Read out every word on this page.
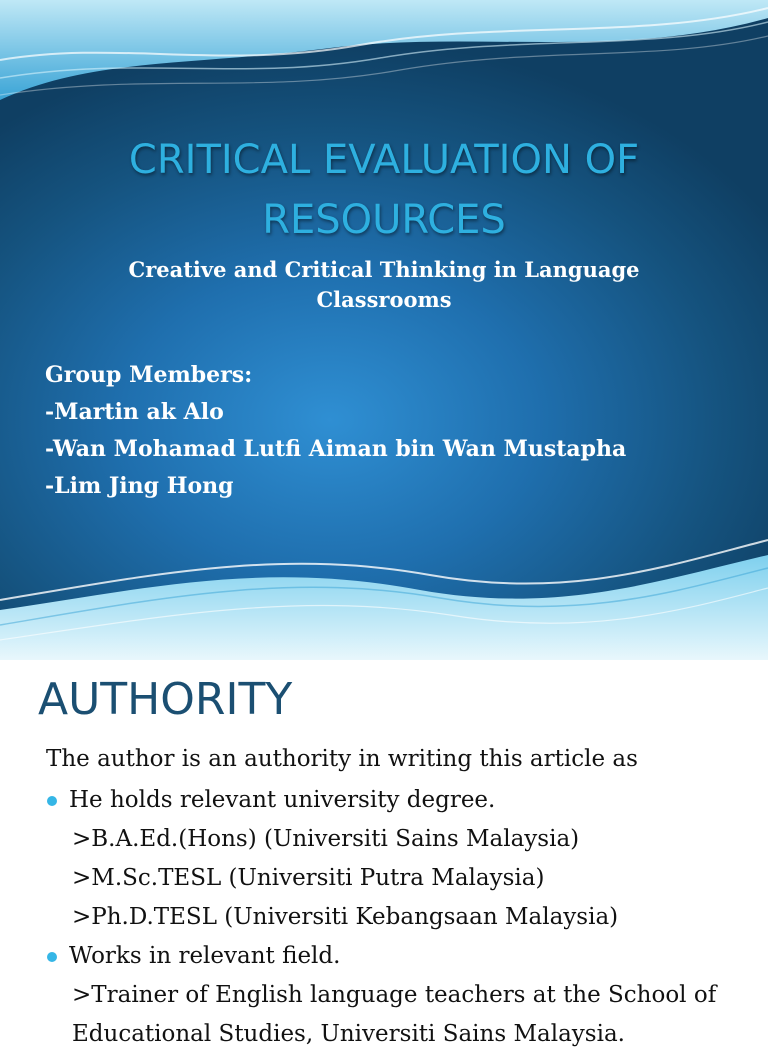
CRITICAL EVALUATION OF
RESOURCES

Creative and Critical Thinking in Language
Classrooms

Group Members:
-Martin ak Alo
-Wan Mohamad Lutfi Aiman bin Wan Mustapha
-Lim Jing Hong
AUTHORITY
The author is an authority in writing this article as
He holds relevant university degree.
>B.A.Ed.(Hons) (Universiti Sains Malaysia)
>M.Sc.TESL (Universiti Putra Malaysia)
>Ph.D.TESL (Universiti Kebangsaan Malaysia)
Works in relevant field.
>Trainer of English language teachers at the School of
Educational Studies, Universiti Sains Malaysia.
